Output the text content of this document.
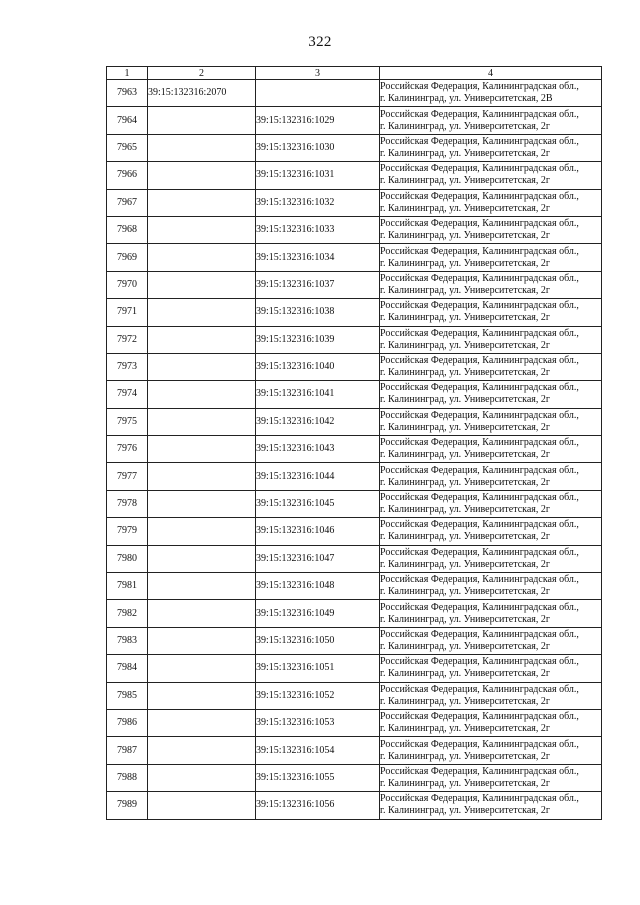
322
1	2	3	4
7963	39:15:132316:2070		Российская Федерация, Калининградская обл.,
г. Калининград, ул. Университетская, 2В

7964		39:15:132316:1029	Российская Федерация, Калининградская обл.,
г. Калининград, ул. Университетская, 2г

7965		39:15:132316:1030	Российская Федерация, Калининградская обл.,
г. Калининград, ул. Университетская, 2г

7966		39:15:132316:1031	Российская Федерация, Калининградская обл.,
г. Калининград, ул. Университетская, 2г

7967		39:15:132316:1032	Российская Федерация, Калининградская обл.,
г. Калининград, ул. Университетская, 2г

7968		39:15:132316:1033	Российская Федерация, Калининградская обл.,
г. Калининград, ул. Университетская, 2г

7969		39:15:132316:1034	Российская Федерация, Калининградская обл.,
г. Калининград, ул. Университетская, 2г

7970		39:15:132316:1037	Российская Федерация, Калининградская обл.,
г. Калининград, ул. Университетская, 2г

7971		39:15:132316:1038	Российская Федерация, Калининградская обл.,
г. Калининград, ул. Университетская, 2г

7972		39:15:132316:1039	Российская Федерация, Калининградская обл.,
г. Калининград, ул. Университетская, 2г

7973		39:15:132316:1040	Российская Федерация, Калининградская обл.,
г. Калининград, ул. Университетская, 2г

7974		39:15:132316:1041	Российская Федерация, Калининградская обл.,
г. Калининград, ул. Университетская, 2г

7975		39:15:132316:1042	Российская Федерация, Калининградская обл.,
г. Калининград, ул. Университетская, 2г

7976		39:15:132316:1043	Российская Федерация, Калининградская обл.,
г. Калининград, ул. Университетская, 2г

7977		39:15:132316:1044	Российская Федерация, Калининградская обл.,
г. Калининград, ул. Университетская, 2г

7978		39:15:132316:1045	Российская Федерация, Калининградская обл.,
г. Калининград, ул. Университетская, 2г

7979		39:15:132316:1046	Российская Федерация, Калининградская обл.,
г. Калининград, ул. Университетская, 2г

7980		39:15:132316:1047	Российская Федерация, Калининградская обл.,
г. Калининград, ул. Университетская, 2г

7981		39:15:132316:1048	Российская Федерация, Калининградская обл.,
г. Калининград, ул. Университетская, 2г

7982		39:15:132316:1049	Российская Федерация, Калининградская обл.,
г. Калининград, ул. Университетская, 2г

7983		39:15:132316:1050	Российская Федерация, Калининградская обл.,
г. Калининград, ул. Университетская, 2г

7984		39:15:132316:1051	Российская Федерация, Калининградская обл.,
г. Калининград, ул. Университетская, 2г

7985		39:15:132316:1052	Российская Федерация, Калининградская обл.,
г. Калининград, ул. Университетская, 2г

7986		39:15:132316:1053	Российская Федерация, Калининградская обл.,
г. Калининград, ул. Университетская, 2г

7987		39:15:132316:1054	Российская Федерация, Калининградская обл.,
г. Калининград, ул. Университетская, 2г

7988		39:15:132316:1055	Российская Федерация, Калининградская обл.,
г. Калининград, ул. Университетская, 2г

7989		39:15:132316:1056	Российская Федерация, Калининградская обл.,
г. Калининград, ул. Университетская, 2г
